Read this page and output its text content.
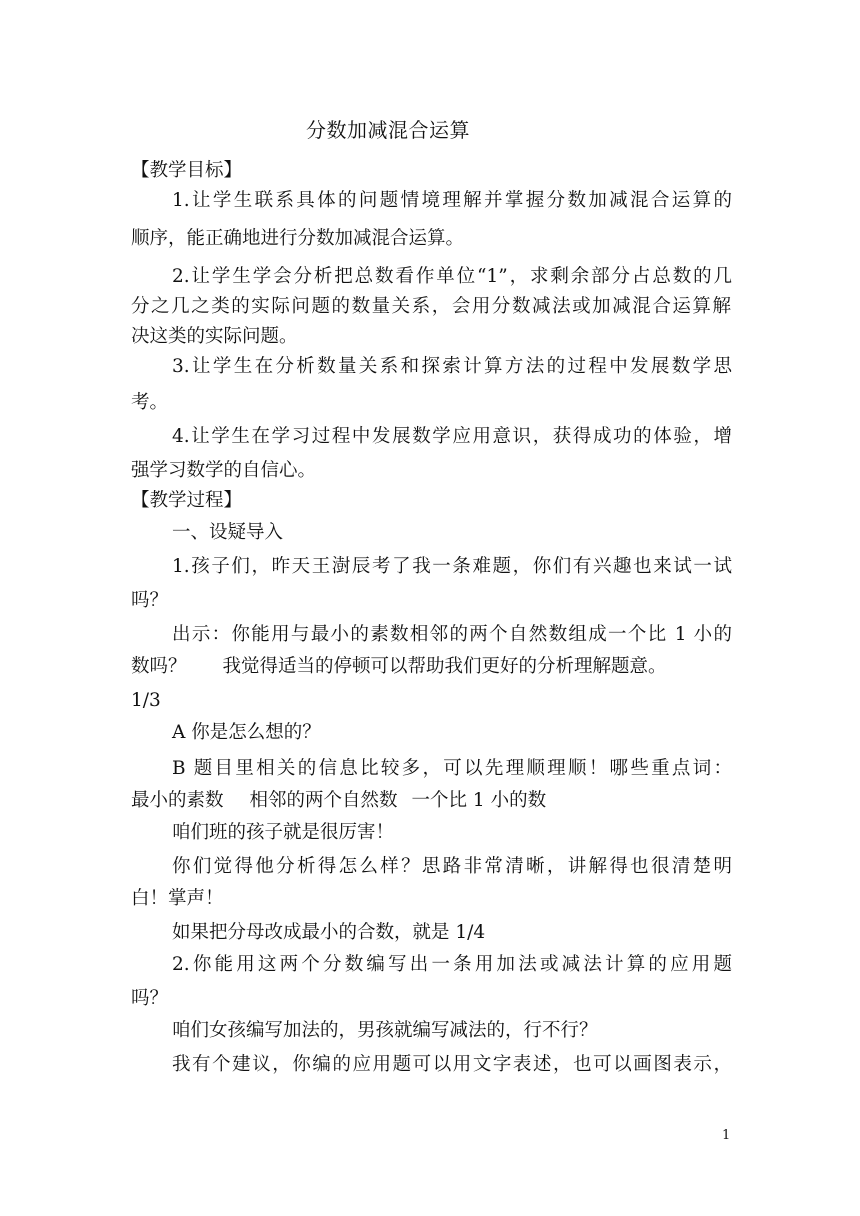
分数加减混合运算
【教学目标】
1.让学生联系具体的问题情境理解并掌握分数加减混合运算的
顺序，能正确地进行分数加减混合运算。
2.让学生学会分析把总数看作单位“1”，求剩余部分占总数的几
分之几之类的实际问题的数量关系，会用分数减法或加减混合运算解
决这类的实际问题。
3.让学生在分析数量关系和探索计算方法的过程中发展数学思
考。
4.让学生在学习过程中发展数学应用意识，获得成功的体验，增
强学习数学的自信心。
【教学过程】
一、设疑导入
1.孩子们，昨天王澍辰考了我一条难题，你们有兴趣也来试一试
吗？
出示：你能用与最小的素数相邻的两个自然数组成一个比 1 小的
数吗？ 我觉得适当的停顿可以帮助我们更好的分析理解题意。
1/3
A 你是怎么想的？
B 题目里相关的信息比较多，可以先理顺理顺！哪些重点词：
最小的素数 相邻的两个自然数 一个比 1 小的数
咱们班的孩子就是很厉害！
你们觉得他分析得怎么样？思路非常清晰，讲解得也很清楚明
白！掌声！
如果把分母改成最小的合数，就是 1/4
2.你能用这两个分数编写出一条用加法或减法计算的应用题
吗？
咱们女孩编写加法的，男孩就编写减法的，行不行？
我有个建议，你编的应用题可以用文字表述，也可以画图表示，
1
